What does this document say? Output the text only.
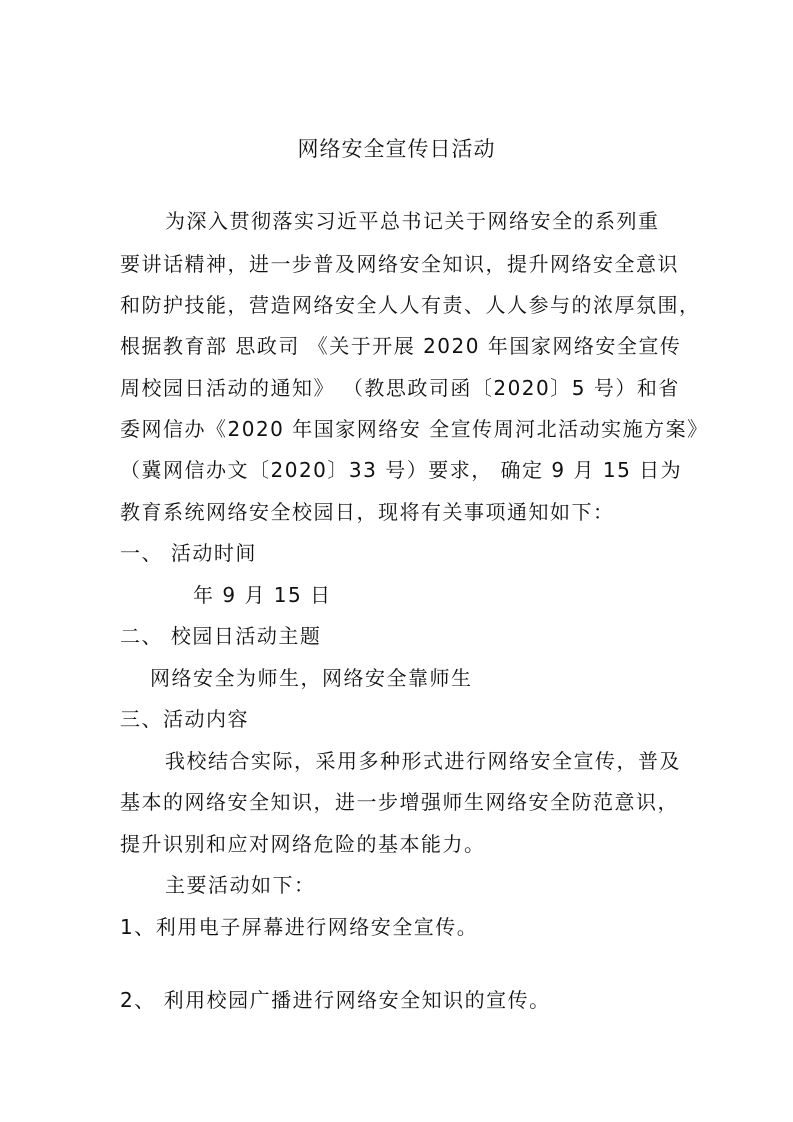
网络安全宣传日活动
为深入贯彻落实习近平总书记关于网络安全的系列重
要讲话精神，进一步普及网络安全知识，提升网络安全意识
和防护技能，营造网络安全人人有责、人人参与的浓厚氛围，
根据教育部 思政司 《关于开展 2020 年国家网络安全宣传
周校园日活动的通知》 （教思政司函〔2020〕5 号）和省
委网信办《2020 年国家网络安 全宣传周河北活动实施方案》
（冀网信办文〔2020〕33 号）要求， 确定 9 月 15 日为
教育系统网络安全校园日，现将有关事项通知如下：
一、 活动时间
年 9 月 15 日
二、 校园日活动主题
网络安全为师生，网络安全靠师生
三、活动内容
我校结合实际，采用多种形式进行网络安全宣传，普及
基本的网络安全知识，进一步增强师生网络安全防范意识，
提升识别和应对网络危险的基本能力。
主要活动如下：
1、利用电子屏幕进行网络安全宣传。
2、 利用校园广播进行网络安全知识的宣传。
